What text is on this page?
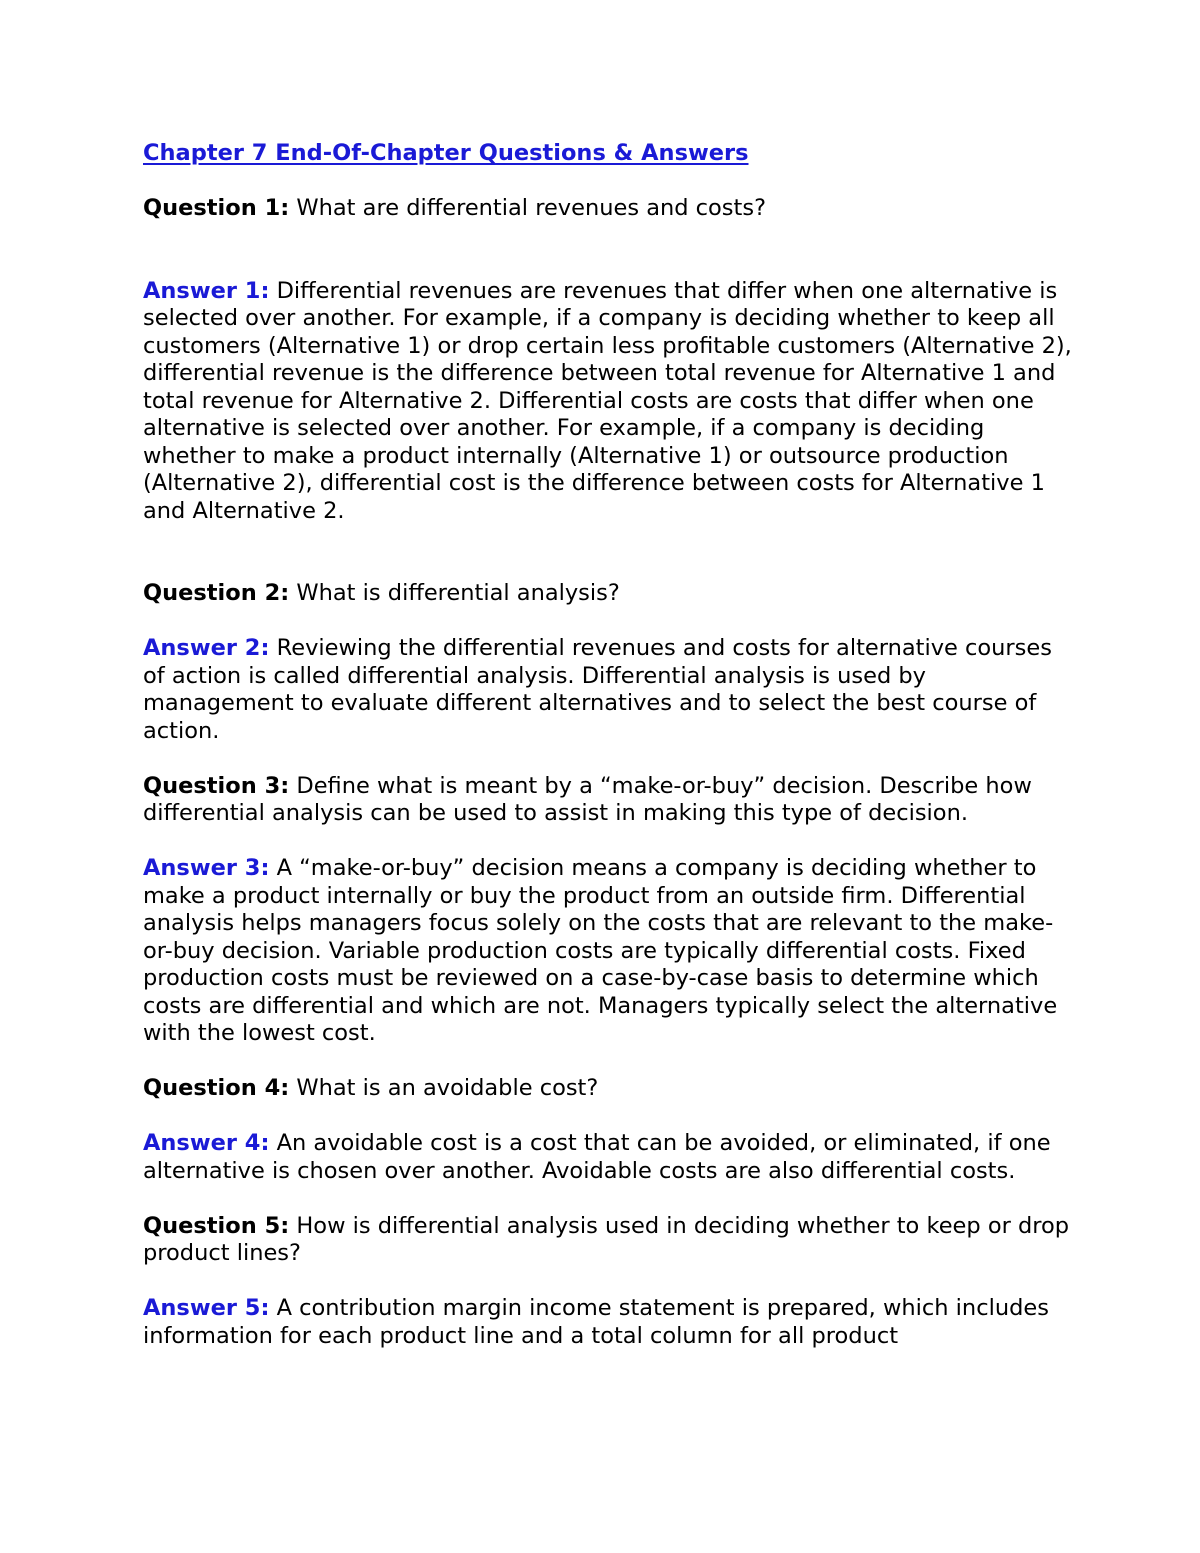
Chapter 7 End-Of-Chapter Questions & Answers

Question 1: What are differential revenues and costs?

Answer 1: Differential revenues are revenues that differ when one alternative is selected over another. For example, if a company is deciding whether to keep all customers (Alternative 1) or drop certain less profitable customers (Alternative 2), differential revenue is the difference between total revenue for Alternative 1 and total revenue for Alternative 2. Differential costs are costs that differ when one alternative is selected over another. For example, if a company is deciding whether to make a product internally (Alternative 1) or outsource production (Alternative 2), differential cost is the difference between costs for Alternative 1 and Alternative 2.

Question 2: What is differential analysis?

Answer 2: Reviewing the differential revenues and costs for alternative courses of action is called differential analysis. Differential analysis is used by management to evaluate different alternatives and to select the best course of action.

Question 3: Define what is meant by a “make-or-buy” decision. Describe how differential analysis can be used to assist in making this type of decision.

Answer 3: A “make-or-buy” decision means a company is deciding whether to make a product internally or buy the product from an outside firm. Differential analysis helps managers focus solely on the costs that are relevant to the make-or-buy decision. Variable production costs are typically differential costs. Fixed production costs must be reviewed on a case-by-case basis to determine which costs are differential and which are not. Managers typically select the alternative with the lowest cost.

Question 4: What is an avoidable cost?

Answer 4: An avoidable cost is a cost that can be avoided, or eliminated, if one alternative is chosen over another. Avoidable costs are also differential costs.

Question 5: How is differential analysis used in deciding whether to keep or drop product lines?

Answer 5: A contribution margin income statement is prepared, which includes information for each product line and a total column for all product
